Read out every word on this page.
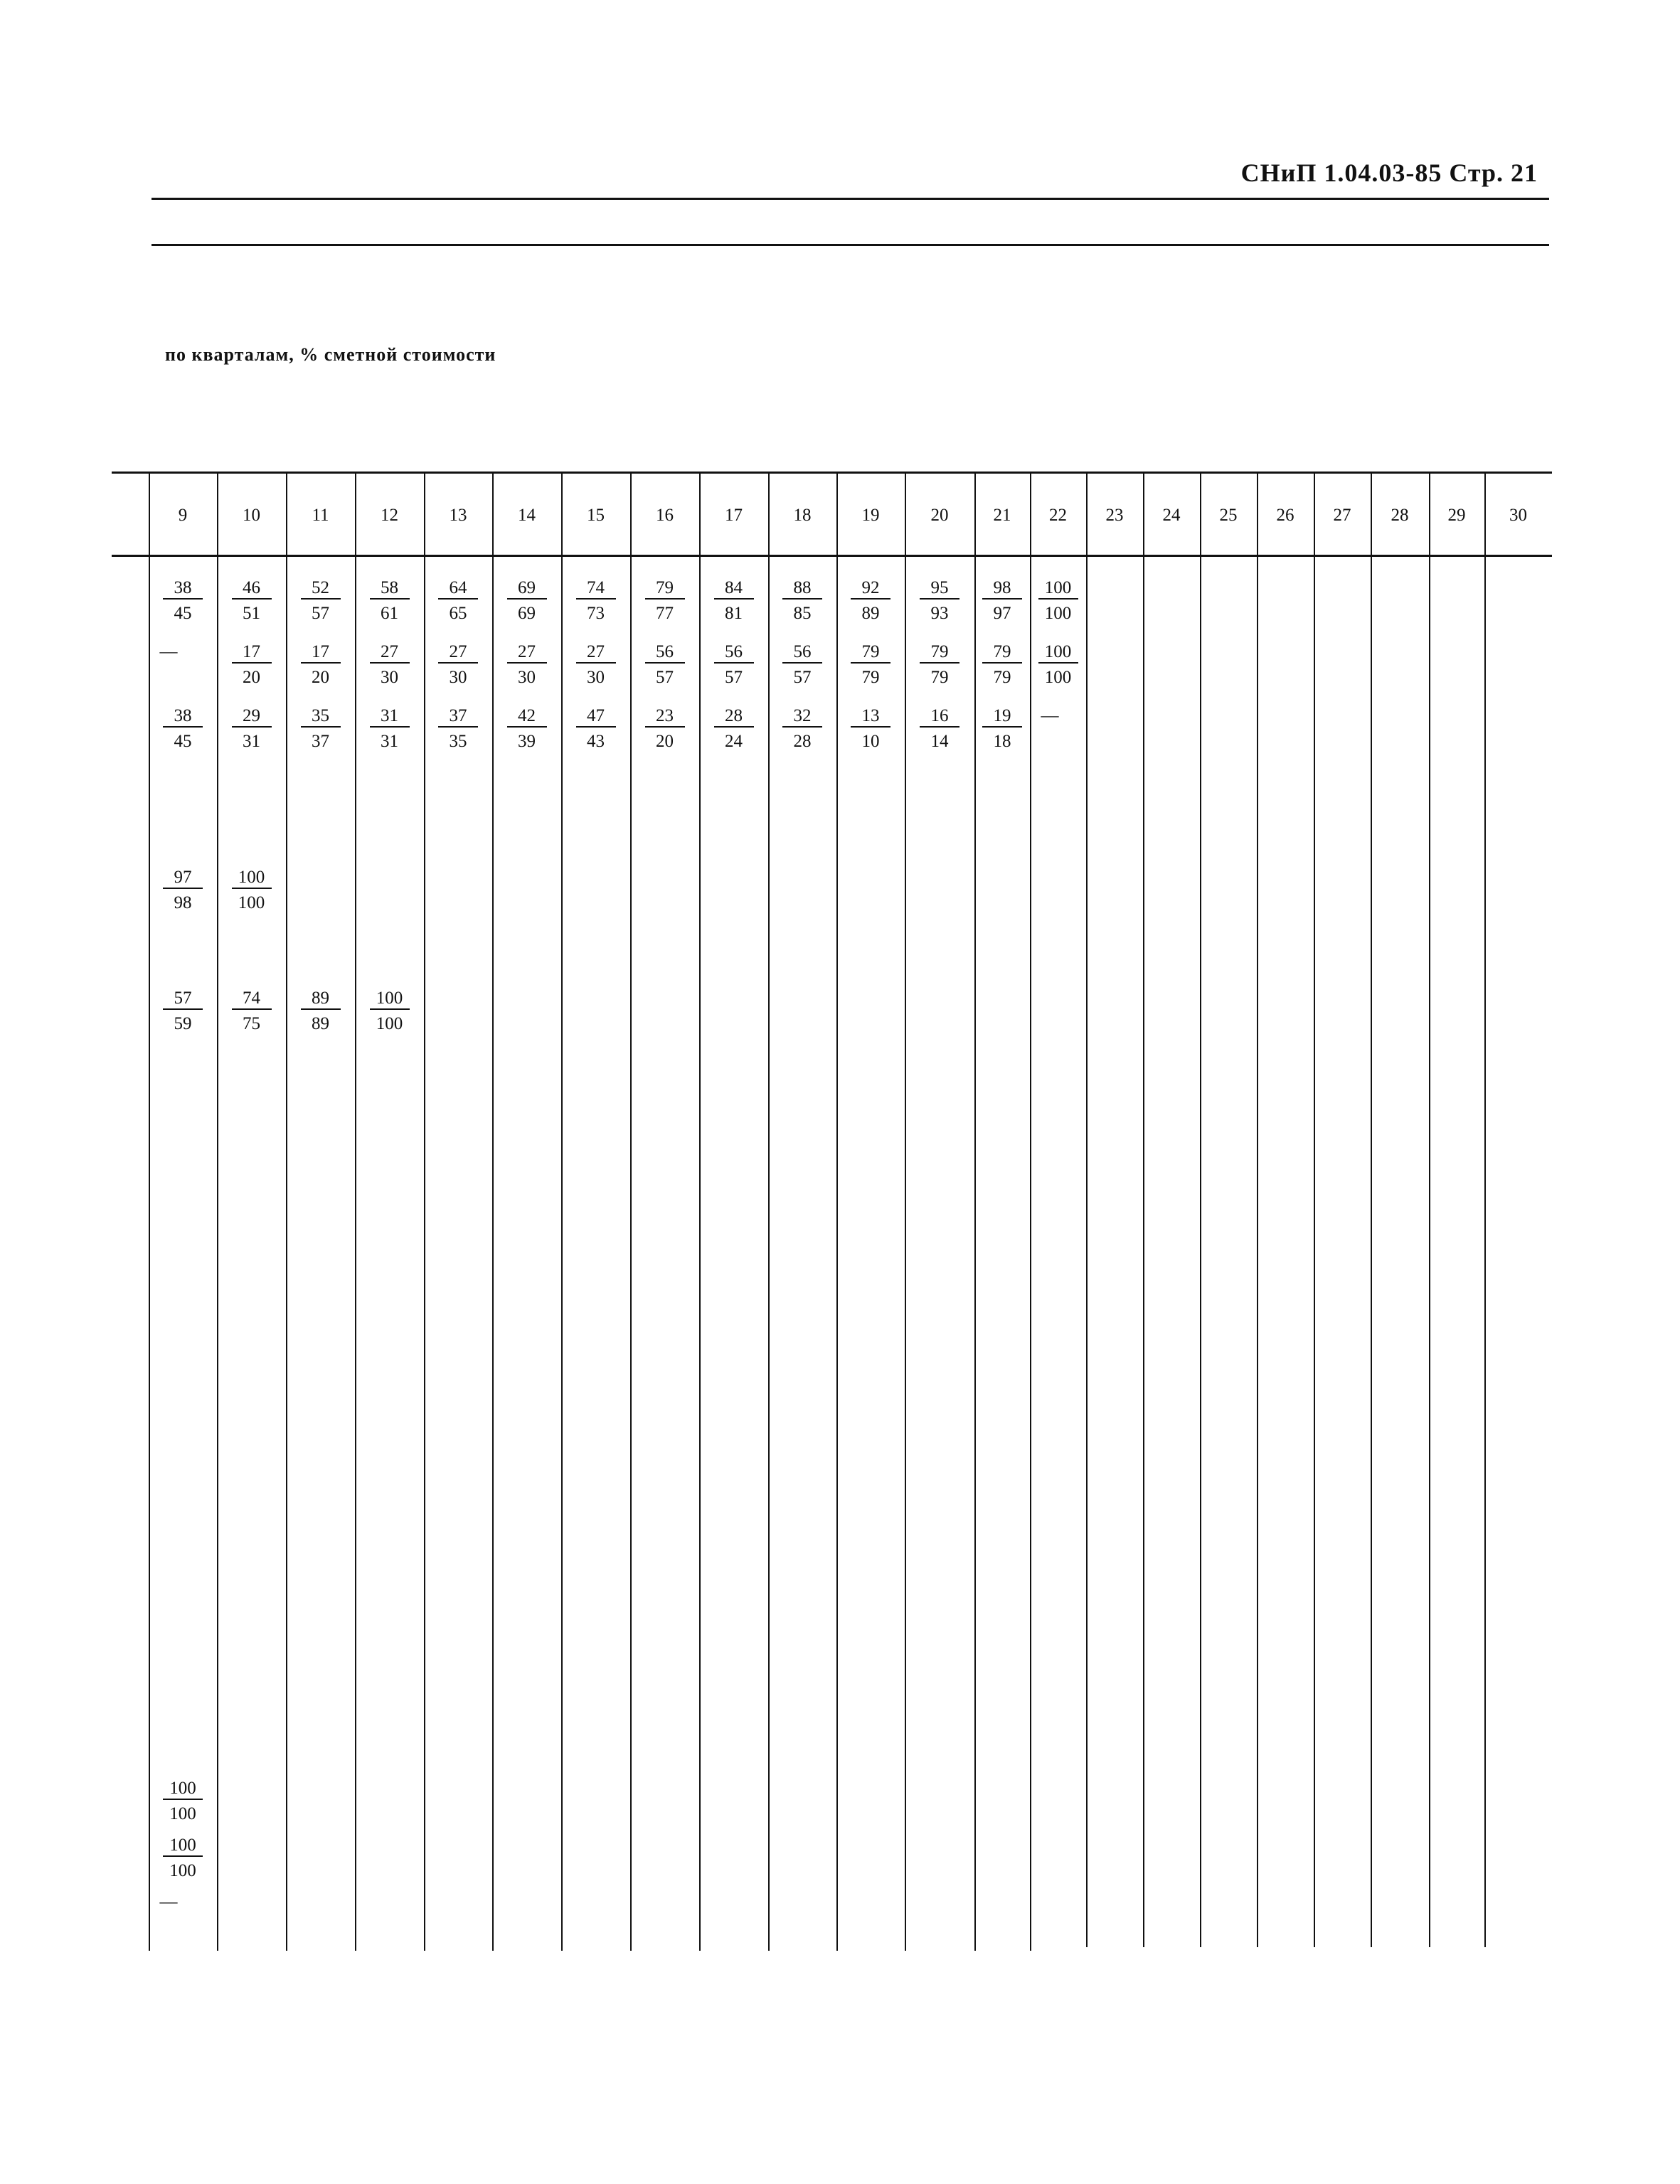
СНиП 1.04.03-85 Стр. 21
по кварталам, % сметной стоимости
9	10	11	12	13	14	15	16	17	18	19	20	21	22	23	24	25	26	27	28	29	30
$\frac{38}{45} \frac{46}{51} \frac{52}{57} \frac{58}{61} \frac{64}{65} \frac{69}{69} \frac{74}{73} \frac{79}{77} \frac{84}{81} \frac{88}{85} \frac{92}{89} \frac{95}{93} \frac{98}{97} \frac{100}{100}$
—	$\frac{17}{20} \frac{17}{20} \frac{27}{30} \frac{27}{30} \frac{27}{30} \frac{27}{30} \frac{56}{57} \frac{56}{57} \frac{56}{57} \frac{79}{79} \frac{79}{79} \frac{79}{79} \frac{100}{100}$
$\frac{38}{45} \frac{29}{31} \frac{35}{37} \frac{31}{31} \frac{37}{35} \frac{42}{39} \frac{47}{43} \frac{23}{20} \frac{28}{24} \frac{32}{28} \frac{13}{10} \frac{16}{14} \frac{19}{18}$ —
$\frac{97}{98} \frac{100}{100}$
$\frac{57}{59} \frac{74}{75} \frac{89}{89} \frac{100}{100}$
$\frac{100}{100}$
$\frac{100}{100}$
—
